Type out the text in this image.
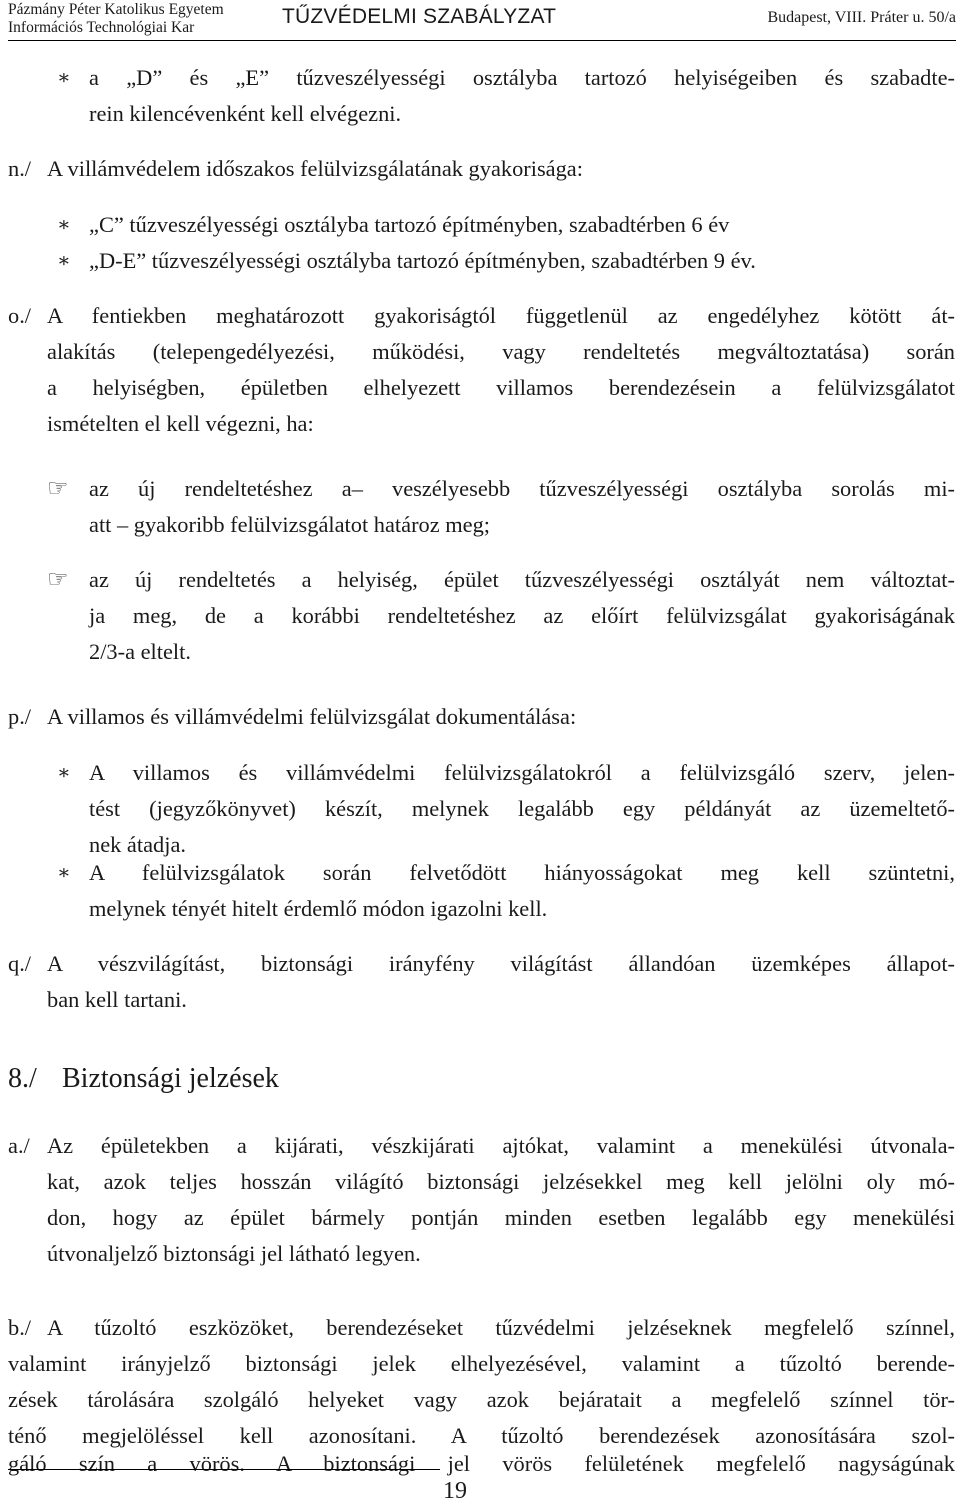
Pázmány Péter Katolikus Egyetem
Információs Technológiai Kar	TŰZVÉDELMI SZABÁLYZAT	Budapest, VIII. Práter u. 50/a
∗ a „D” és „E” tűzveszélyességi osztályba tartozó helyiségeiben és szabadte-
rein kilencévenként kell elvégezni.
n./ A villámvédelem időszakos felülvizsgálatának gyakorisága:
∗ „C” tűzveszélyességi osztályba tartozó építményben, szabadtérben 6 év
∗ „D-E” tűzveszélyességi osztályba tartozó építményben, szabadtérben 9 év.
o./ A fentiekben meghatározott gyakoriságtól függetlenül az engedélyhez kötött át-
alakítás (telepengedélyezési, működési, vagy rendeltetés megváltoztatása) során
a helyiségben, épületben elhelyezett villamos berendezésein a felülvizsgálatot
ismételten el kell végezni, ha:
☞ az új rendeltetéshez a– veszélyesebb tűzveszélyességi osztályba sorolás mi-
att – gyakoribb felülvizsgálatot határoz meg;
☞ az új rendeltetés a helyiség, épület tűzveszélyességi osztályát nem változtat-
ja meg, de a korábbi rendeltetéshez az előírt felülvizsgálat gyakoriságának
2/3-a eltelt.
p./ A villamos és villámvédelmi felülvizsgálat dokumentálása:
∗ A villamos és villámvédelmi felülvizsgálatokról a felülvizsgáló szerv, jelen-
tést (jegyzőkönyvet) készít, melynek legalább egy példányát az üzemeltető-
nek átadja.
∗ A felülvizsgálatok során felvetődött hiányosságokat meg kell szüntetni,
melynek tényét hitelt érdemlő módon igazolni kell.
q./ A vészvilágítást, biztonsági irányfény világítást állandóan üzemképes állapot-
ban kell tartani.
8./ Biztonsági jelzések
a./ Az épületekben a kijárati, vészkijárati ajtókat, valamint a menekülési útvonala-
kat, azok teljes hosszán világító biztonsági jelzésekkel meg kell jelölni oly mó-
don, hogy az épület bármely pontján minden esetben legalább egy menekülési
útvonaljelző biztonsági jel látható legyen.
b./ A tűzoltó eszközöket, berendezéseket tűzvédelmi jelzéseknek megfelelő színnel,
valamint irányjelző biztonsági jelek elhelyezésével, valamint a tűzoltó berende-
zések tárolására szolgáló helyeket vagy azok bejáratait a megfelelő színnel tör-
ténő megjelöléssel kell azonosítani. A tűzoltó berendezések azonosítására szol-
gáló szín a vörös. A biztonsági jel vörös felületének megfelelő nagyságúnak
19
